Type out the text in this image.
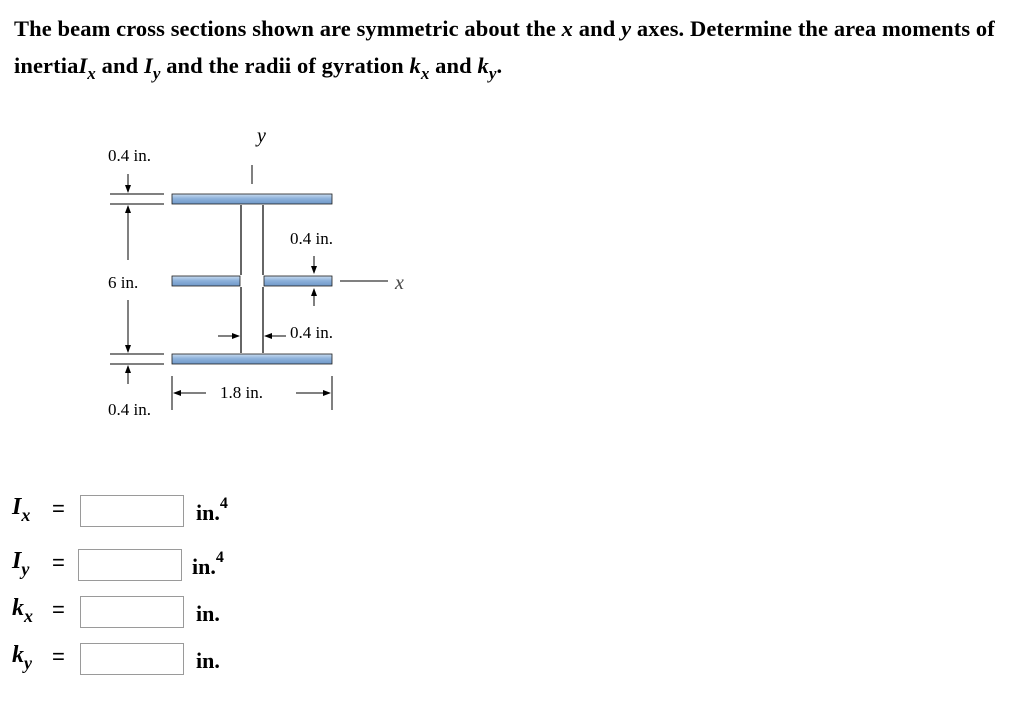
The beam cross sections shown are symmetric about the x and y axes. Determine the area moments of inertiaI$_x$ and $I_y$ and the radii of gyration $k_x$ and $k_y$.
y
x
0.4 in.
6 in.
0.4 in.
0.4 in.
0.4 in.
1.8 in.
$I_x$ =	in.$^4$
$I_y$ =	in.$^4$
$k_x$ =	in.
$k_y$ =	in.
